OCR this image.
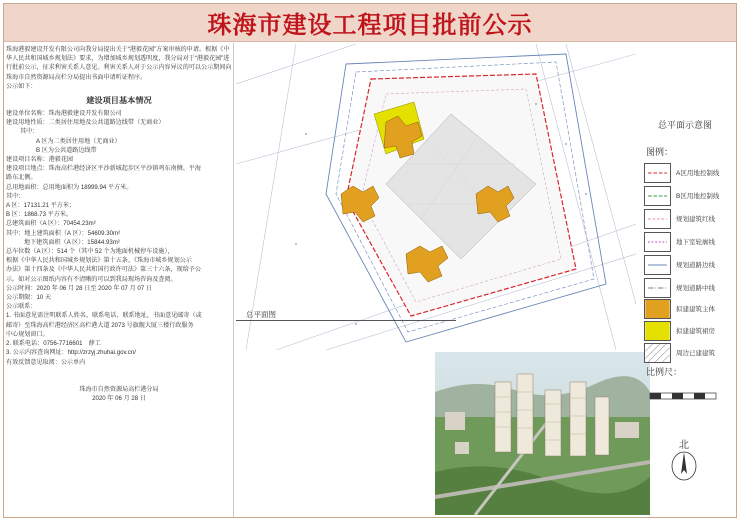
珠海市建设工程项目批前公示
珠海港毅建设开发有限公司向我分局提出关于“港毅花园”方案审核的申请。根据《中华人民共和国城乡规划法》要求，为增加城乡规划透明度，我分局对于“港毅花园”进行批前公示，征求利害关系人意见。利害关系人对于公示内容异议的可以公示期间向珠海市自然资源局高栏分局提出书面申请听证程序。
公示如下：
建设项目基本情况
建设单位名称：珠海港毅建设开发有限公司
建设用地性质：二类居住用地及公共道路边线带（无商业）
其中：
A 区为二类居住用地（无商业）
B 区为公共道路边线带
建设项目名称：港毅花园
建设项目地点：珠海高栏港经济区平沙新城起步区平沙镇鸡东南侧、平海
路东北侧。
总用地面积：总用地面积为 18999.94 平方米。
其中：
A 区：17131.21 平方米；
B 区：1868.73 平方米。
总建筑面积（A 区）：70454.23m²
其中：地上建筑面积（A 区）：54609.30m²
地下建筑面积（A 区）：15844.93m²
总车位数（A 区）：514 个（其中 52 个为地面机械停车设施），
根据《中华人民共和国城乡规划法》第十五条、《珠海市城乡规划公示
办法》第十四条及《中华人民共和国行政许可法》第三十六条，现给予公
示。如对公示图纸内容有不清晰的可以到我局现场咨询及查阅。
公示时间：2020 年 06 月 28 日至 2020 年 07 月 07 日
公示期限：10 天
公示联系：
1. 书面意见需注明联系人姓名、联系电话、联系地址，书面意见邮寄（或
邮寄）至珠海高栏港经济区高栏港大道 2073 号旗舰大厦三楼行政服务
中心规划窗口。
2. 联系电话：0756-7716601　薛工
3. 公示内容查询网址：http://zrzyj.zhuhai.gov.cn/
有效反馈意见取阅：公示单内
珠海市自然资源局高栏港分局
2020 年 06 月 28 日
总平面图
总平面示意图
图例：
A区用地控制线
B区用地控制线
规划建筑红线
地下室轮廓线
规划道路边线
规划道路中线
拟建建筑主体
拟建建筑裙房
周边已建建筑
比例尺：
北
